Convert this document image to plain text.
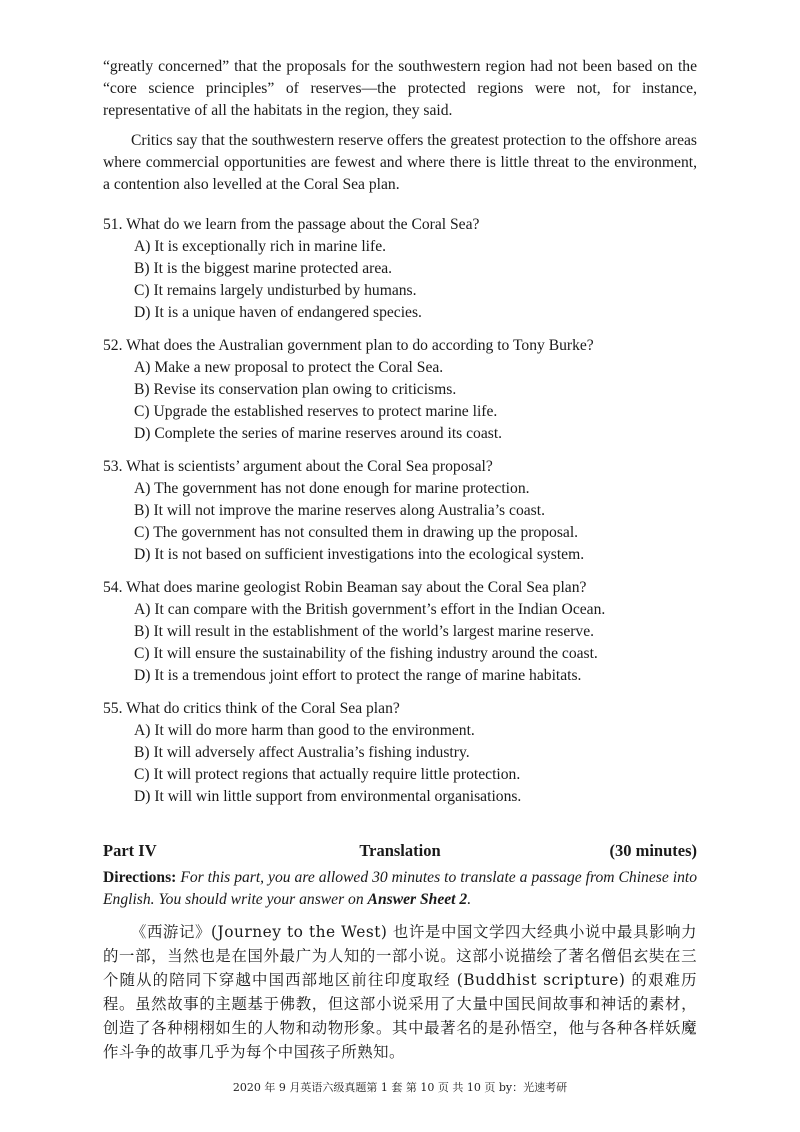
“greatly concerned” that the proposals for the southwestern region had not been based on the “core science principles” of reserves—the protected regions were not, for instance, representative of all the habitats in the region, they said.

Critics say that the southwestern reserve offers the greatest protection to the offshore areas where commercial opportunities are fewest and where there is little threat to the environment, a contention also levelled at the Coral Sea plan.

51. What do we learn from the passage about the Coral Sea?
A) It is exceptionally rich in marine life.
B) It is the biggest marine protected area.
C) It remains largely undisturbed by humans.
D) It is a unique haven of endangered species.
52. What does the Australian government plan to do according to Tony Burke?
A) Make a new proposal to protect the Coral Sea.
B) Revise its conservation plan owing to criticisms.
C) Upgrade the established reserves to protect marine life.
D) Complete the series of marine reserves around its coast.
53. What is scientists’ argument about the Coral Sea proposal?
A) The government has not done enough for marine protection.
B) It will not improve the marine reserves along Australia’s coast.
C) The government has not consulted them in drawing up the proposal.
D) It is not based on sufficient investigations into the ecological system.
54. What does marine geologist Robin Beaman say about the Coral Sea plan?
A) It can compare with the British government’s effort in the Indian Ocean.
B) It will result in the establishment of the world’s largest marine reserve.
C) It will ensure the sustainability of the fishing industry around the coast.
D) It is a tremendous joint effort to protect the range of marine habitats.
55. What do critics think of the Coral Sea plan?
A) It will do more harm than good to the environment.
B) It will adversely affect Australia’s fishing industry.
C) It will protect regions that actually require little protection.
D) It will win little support from environmental organisations.
Part IV	Translation	(30 minutes)

Directions: For this part, you are allowed 30 minutes to translate a passage from Chinese into English. You should write your answer on Answer Sheet 2.

《西游记》(Journey to the West) 也许是中国文学四大经典小说中最具影响力的一部，当然也是在国外最广为人知的一部小说。这部小说描绘了著名僧侣玄奘在三个随从的陪同下穿越中国西部地区前往印度取经 (Buddhist scripture) 的艰难历程。虽然故事的主题基于佛教，但这部小说采用了大量中国民间故事和神话的素材，创造了各种栩栩如生的人物和动物形象。其中最著名的是孙悟空，他与各种各样妖魔作斗争的故事几乎为每个中国孩子所熟知。

2020 年 9 月英语六级真题第 1 套 第 10 页 共 10 页 by：光速考研
